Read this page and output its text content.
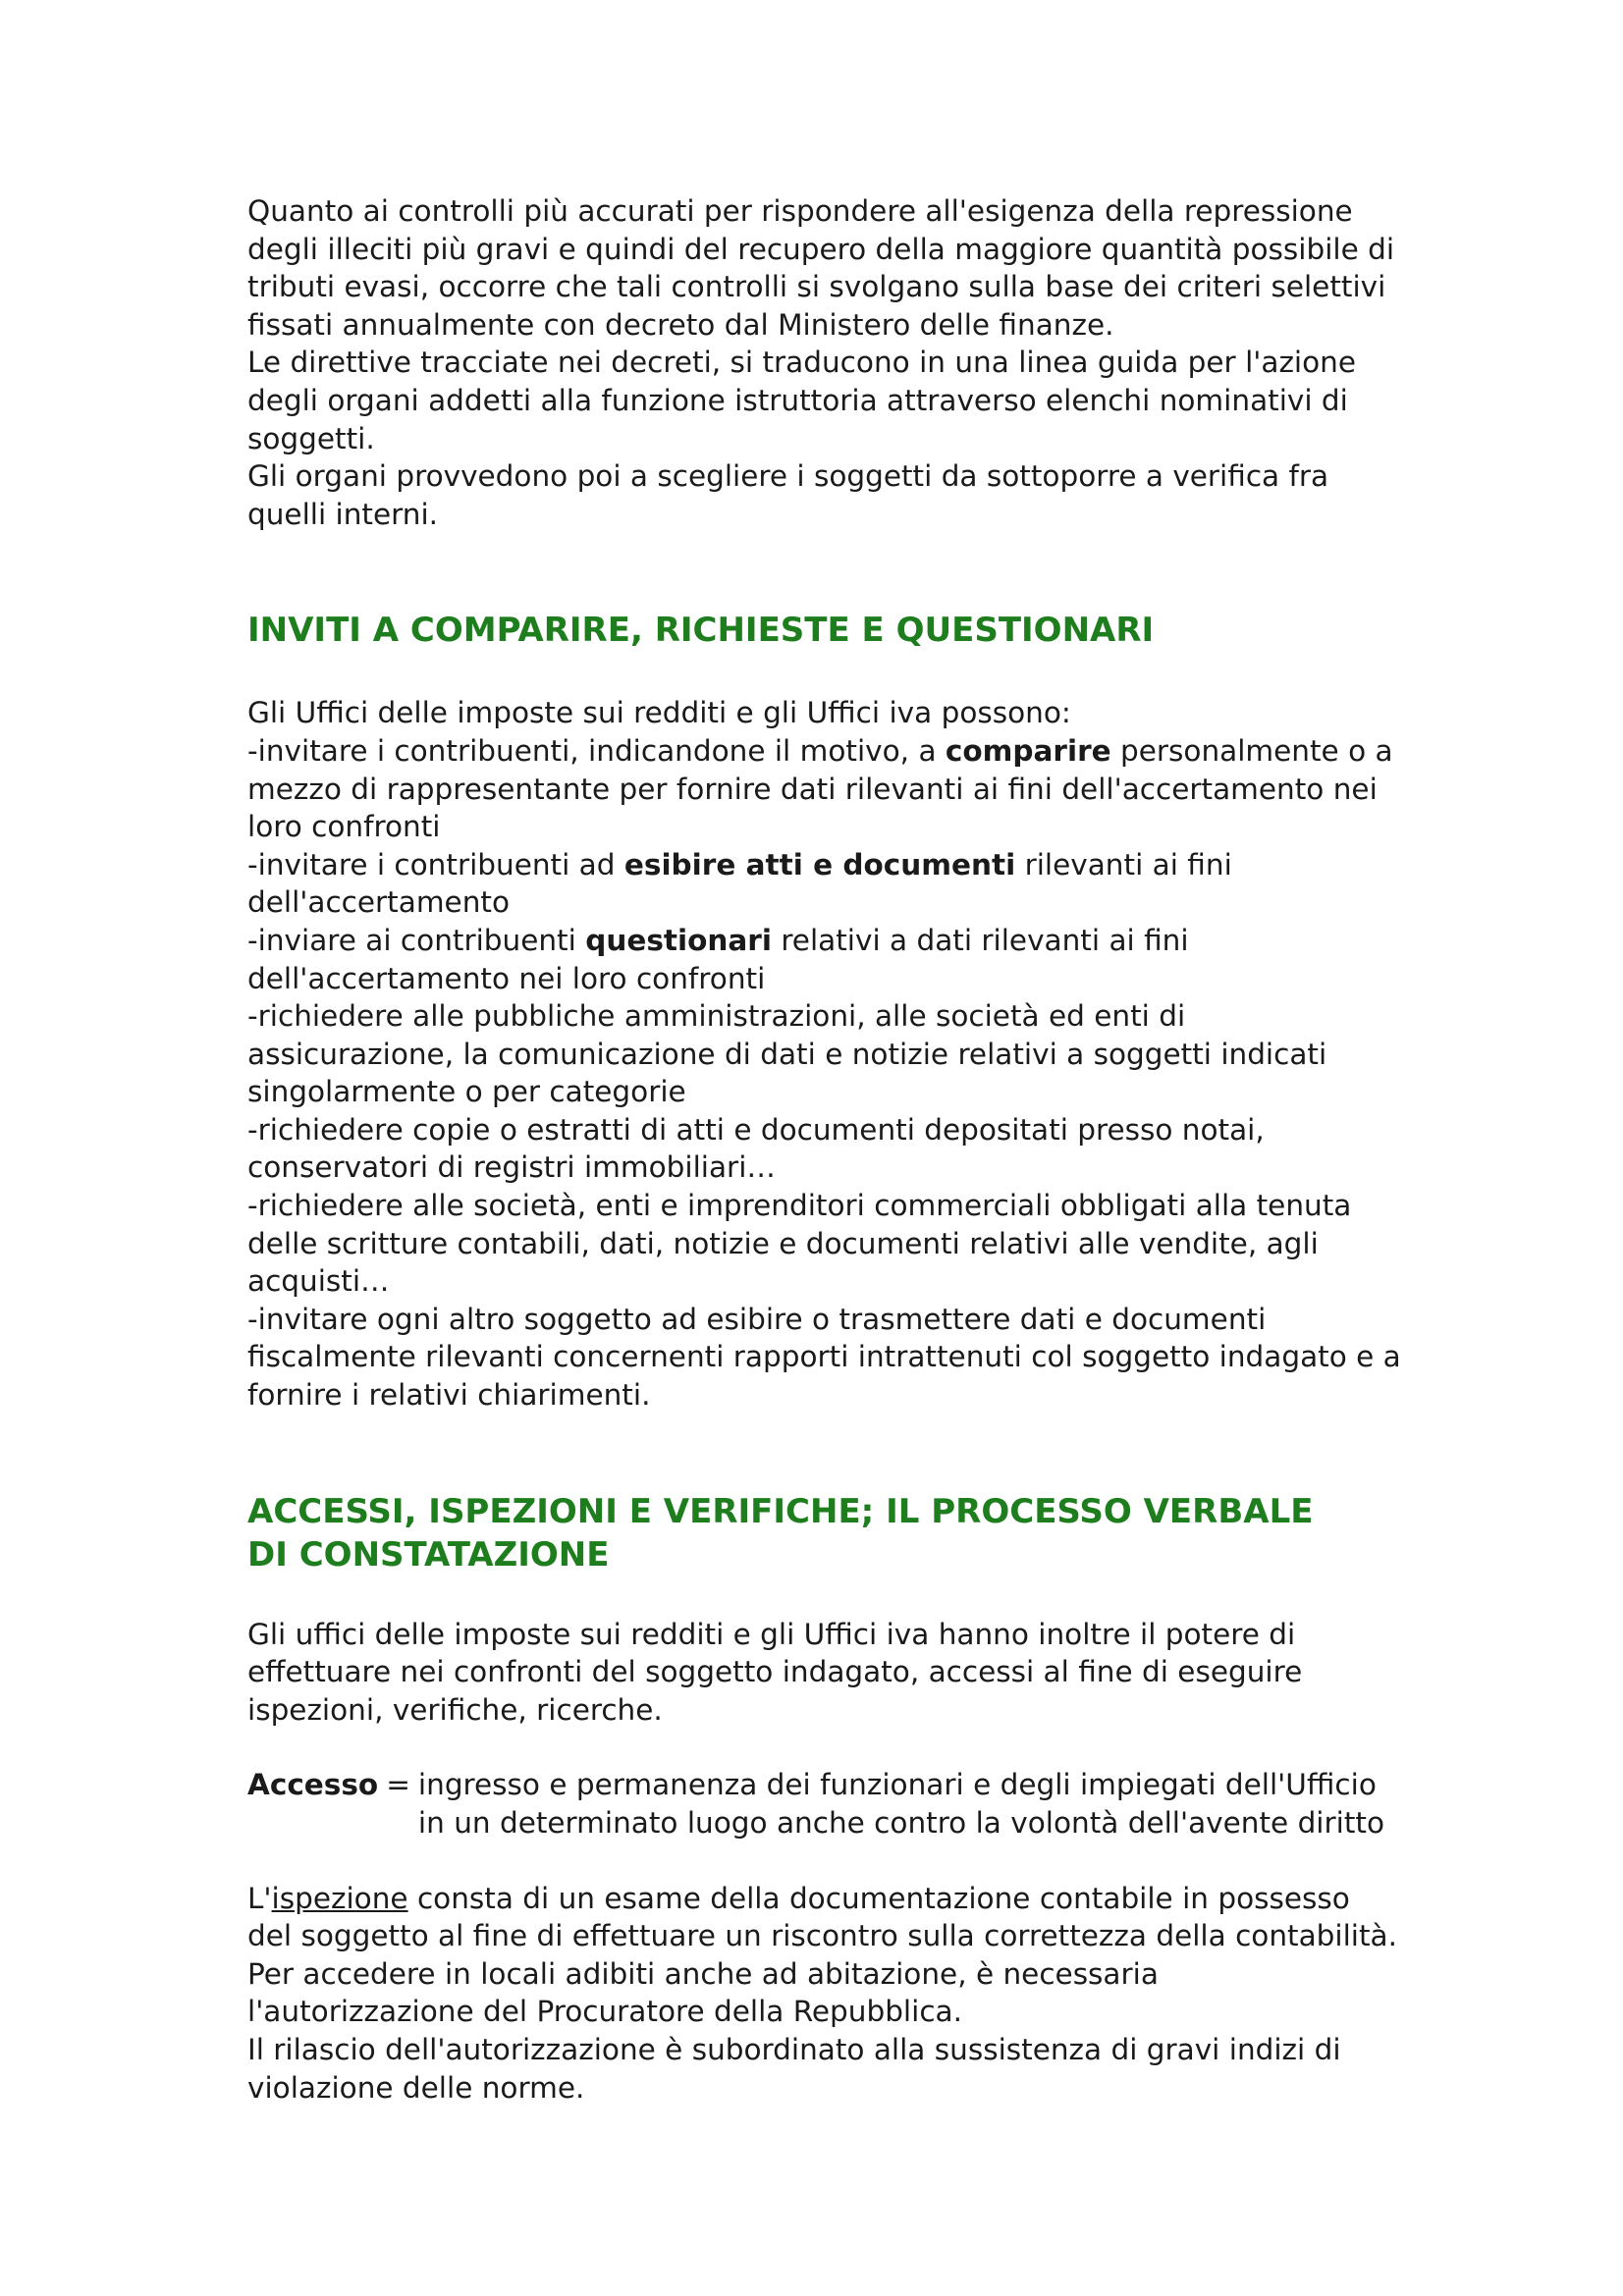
Quanto ai controlli più accurati per rispondere all'esigenza della repressione
degli illeciti più gravi e quindi del recupero della maggiore quantità possibile di
tributi evasi, occorre che tali controlli si svolgano sulla base dei criteri selettivi
fissati annualmente con decreto dal Ministero delle finanze.
Le direttive tracciate nei decreti, si traducono in una linea guida per l'azione
degli organi addetti alla funzione istruttoria attraverso elenchi nominativi di
soggetti.
Gli organi provvedono poi a scegliere i soggetti da sottoporre a verifica fra
quelli interni.

INVITI A COMPARIRE, RICHIESTE E QUESTIONARI

Gli Uffici delle imposte sui redditi e gli Uffici iva possono:
-invitare i contribuenti, indicandone il motivo, a comparire personalmente o a
mezzo di rappresentante per fornire dati rilevanti ai fini dell'accertamento nei
loro confronti
-invitare i contribuenti ad esibire atti e documenti rilevanti ai fini
dell'accertamento
-inviare ai contribuenti questionari relativi a dati rilevanti ai fini
dell'accertamento nei loro confronti
-richiedere alle pubbliche amministrazioni, alle società ed enti di
assicurazione, la comunicazione di dati e notizie relativi a soggetti indicati
singolarmente o per categorie
-richiedere copie o estratti di atti e documenti depositati presso notai,
conservatori di registri immobiliari…
-richiedere alle società, enti e imprenditori commerciali obbligati alla tenuta
delle scritture contabili, dati, notizie e documenti relativi alle vendite, agli
acquisti…
-invitare ogni altro soggetto ad esibire o trasmettere dati e documenti
fiscalmente rilevanti concernenti rapporti intrattenuti col soggetto indagato e a
fornire i relativi chiarimenti.

ACCESSI, ISPEZIONI E VERIFICHE; IL PROCESSO VERBALE
DI CONSTATAZIONE

Gli uffici delle imposte sui redditi e gli Uffici iva hanno inoltre il potere di
effettuare nei confronti del soggetto indagato, accessi al fine di eseguire
ispezioni, verifiche, ricerche.

Accesso = ingresso e permanenza dei funzionari e degli impiegati dell'Ufficio
in un determinato luogo anche contro la volontà dell'avente diritto

L'ispezione consta di un esame della documentazione contabile in possesso
del soggetto al fine di effettuare un riscontro sulla correttezza della contabilità.
Per accedere in locali adibiti anche ad abitazione, è necessaria
l'autorizzazione del Procuratore della Repubblica.
Il rilascio dell'autorizzazione è subordinato alla sussistenza di gravi indizi di
violazione delle norme.
